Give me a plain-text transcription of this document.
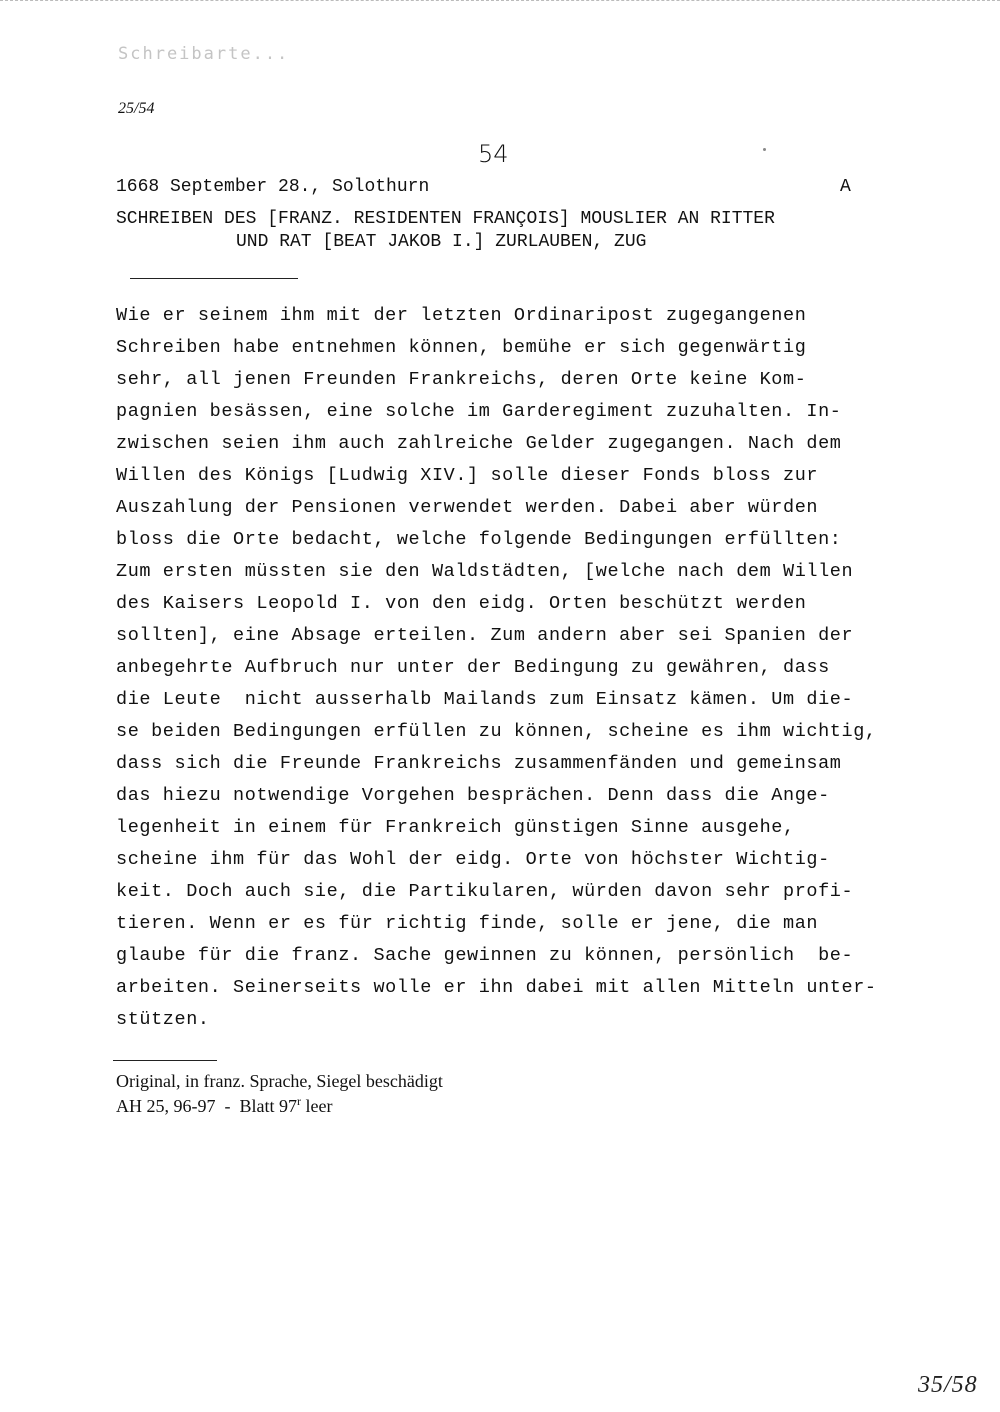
Schreibarte...
25/54
54
1668 September 28., Solothurn	A
SCHREIBEN DES [FRANZ. RESIDENTEN FRANÇOIS] MOUSLIER AN RITTER
UND RAT [BEAT JAKOB I.] ZURLAUBEN, ZUG
Wie er seinem ihm mit der letzten Ordinaripost zugegangenen
Schreiben habe entnehmen können, bemühe er sich gegenwärtig
sehr, all jenen Freunden Frankreichs, deren Orte keine Kom-
pagnien besässen, eine solche im Garderegiment zuzuhalten. In-
zwischen seien ihm auch zahlreiche Gelder zugegangen. Nach dem
Willen des Königs [Ludwig XIV.] solle dieser Fonds bloss zur
Auszahlung der Pensionen verwendet werden. Dabei aber würden
bloss die Orte bedacht, welche folgende Bedingungen erfüllten:
Zum ersten müssten sie den Waldstädten, [welche nach dem Willen
des Kaisers Leopold I. von den eidg. Orten beschützt werden
sollten], eine Absage erteilen. Zum andern aber sei Spanien der
anbegehrte Aufbruch nur unter der Bedingung zu gewähren, dass
die Leute  nicht ausserhalb Mailands zum Einsatz kämen. Um die-
se beiden Bedingungen erfüllen zu können, scheine es ihm wichtig,
dass sich die Freunde Frankreichs zusammenfänden und gemeinsam
das hiezu notwendige Vorgehen besprächen. Denn dass die Ange-
legenheit in einem für Frankreich günstigen Sinne ausgehe,
scheine ihm für das Wohl der eidg. Orte von höchster Wichtig-
keit. Doch auch sie, die Partikularen, würden davon sehr profi-
tieren. Wenn er es für richtig finde, solle er jene, die man
glaube für die franz. Sache gewinnen zu können, persönlich  be-
arbeiten. Seinerseits wolle er ihn dabei mit allen Mitteln unter-
stützen.
Original, in franz. Sprache, Siegel beschädigt
AH 25, 96-97  -  Blatt 97$^r$ leer
35/58
